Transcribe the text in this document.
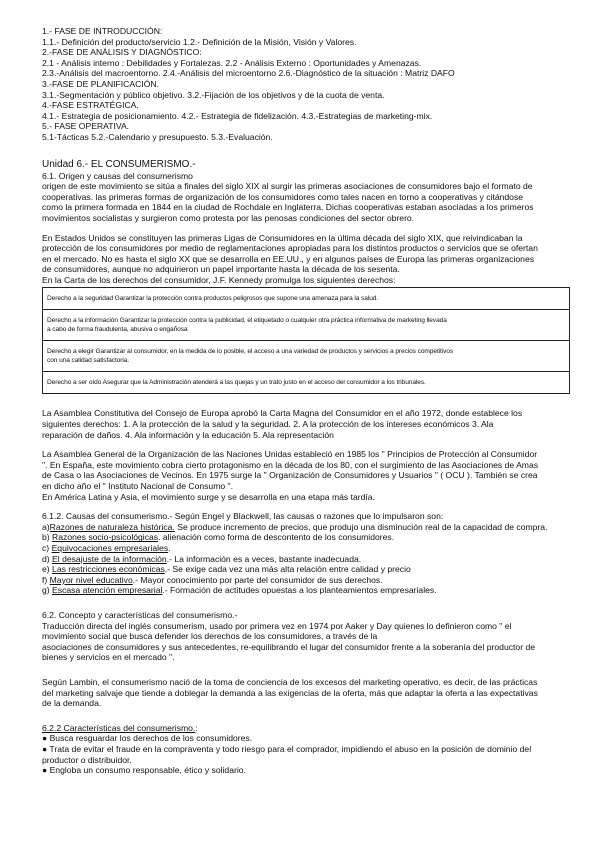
1.- FASE DE INTRODUCCIÓN:
1.1.- Definición del producto/servicio 1.2.- Definición de la Misión, Visión y Valores.
2.-FASE DE ANÁLISIS Y DIAGNÓSTICO:
2.1 - Análisis interno : Debilidades y Fortalezas. 2.2 - Análisis Externo : Oportunidades y Amenazas.
2.3.-Análisis del macroentorno. 2.4.-Análisis del microentorno 2.6.-Diagnóstico de la situación : Matriz DAFO
3.-FASE DE PLANIFICACIÓN.
3.1.-Segmentación y público objetivo. 3.2.-Fijación de los objetivos y de la cuota de venta.
4.-FASE ESTRATÉGICA.
4.1.- Estrategia de posicionamiento. 4.2.- Estrategia de fidelización. 4.3.-Estrategias de marketing-mix.
5.- FASE OPERATIVA.
5.1-Tácticas 5.2.-Calendario y presupuesto. 5.3.-Evaluación.
Unidad 6.- EL CONSUMERISMO.-
6.1. Origen y causas del consumerismo
origen de este movimiento se sitúa a finales del siglo XIX al surgir las primeras asociaciones de consumidores bajo el formato de
cooperativas. las primeras formas de organización de los consumidores como tales nacen en torno a cooperativas y citándose
como la primera formada en 1844 en la ciudad de Rochdale en Inglaterra. Dichas cooperativas estaban asociadas a los primeros
movimientos socialistas y surgieron como protesta por las penosas condiciones del sector obrero.
En Estados Unidos se constituyen las primeras Ligas de Consumidores en la última década del siglo XIX, que reivindicaban la
protección de los consumidores por medio de reglamentaciones apropiadas para los distintos productos o servicios que se ofertan
en el mercado. No es hasta el siglo XX que se desarrolla en EE.UU., y en algunos países de Europa las primeras organizaciones
de consumidores, aunque no adquirieron un papel importante hasta la década de los sesenta.
En la Carta de los derechos del consumidor, J.F. Kennedy promulga los siguientes derechos:
Derecho a la seguridad Garantizar la protección contra productos peligrosos que supone una amenaza para la salud.

Derecho a la información Garantizar la protección contra la publicidad, el etiquetado o cualquier otra práctica informativa de marketing llevada
a cabo de forma fraudulenta, abusiva o engañosa

Derecho a elegir Garantizar al consumidor, en la medida de lo posible, el acceso a una variedad de productos y servicios a precios competitivos
con una calidad satisfactoria.

Derecho a ser oído Asegurar que la Administración atenderá a las quejas y un trato justo en el acceso del consumidor a los tribunales.
La Asamblea Constitutiva del Consejo de Europa aprobó la Carta Magna del Consumidor en el año 1972, donde establece los
siguientes derechos: 1. A la protección de la salud y la seguridad. 2. A la protección de los intereses económicos 3. Ala
reparación de daños. 4. Ala información y la educación 5. Ala representación
La Asamblea General de la Organización de las Naciones Unidas estableció en 1985 los " Principios de Protección al Consumidor
". En España, este movimiento cobra cierto protagonismo en la década de los 80, con el surgimiento de las Asociaciones de Amas
de Casa o las Asociaciones de Vecinos. En 1975 surge la " Organización de Consumidores y Usuarios " ( OCU ). También se crea
en dicho año el " Instituto Nacional de Consumo ".
En América Latina y Asia, el movimiento surge y se desarrolla en una etapa más tardía.
6.1.2. Causas del consumerismo.- Según Engel y Blackwell, las causas o razones que lo impulsaron son:
a)Razones de naturaleza histórica. Se produce incremento de precios, que produjo una disminución real de la capacidad de compra.
b) Razones socio-psicológicas. alienación como forma de descontento de los consumidores.
c) Equivocaciones empresariales.
d) El desajuste de la información.- La información es a veces, bastante inadecuada.
e) Las restricciones económicas.- Se exige cada vez una más alta relación entre calidad y precio
f) Mayor nivel educativo.- Mayor conocimiento por parte del consumidor de sus derechos.
g) Escasa atención empresarial.- Formación de actitudes opuestas a los planteamientos empresariales.
6.2. Concepto y características del consumerismo.-
Traducción directa del inglés consumerism, usado por primera vez en 1974 por Aaker y Day quienes lo definieron como " el
movimiento social que busca defender los derechos de los consumidores, a través de la
asociaciones de consumidores y sus antecedentes, re-equilibrando el lugar del consumidor frente a la soberanía del productor de
bienes y servicios en el mercado ".
Según Lambin, el consumerismo nació de la toma de conciencia de los excesos del marketing operativo, es decir, de las prácticas
del marketing salvaje que tiende a doblegar la demanda a las exigencias de la oferta, más que adaptar la oferta a las expectativas
de la demanda.
6.2.2 Características del consumerismo.:
● Busca resguardar los derechos de los consumidores.
● Trata de evitar el fraude en la compraventa y todo riesgo para el comprador, impidiendo el abuso en la posición de dominio del
productor o distribuidor.
● Engloba un consumo responsable, ético y solidario.
